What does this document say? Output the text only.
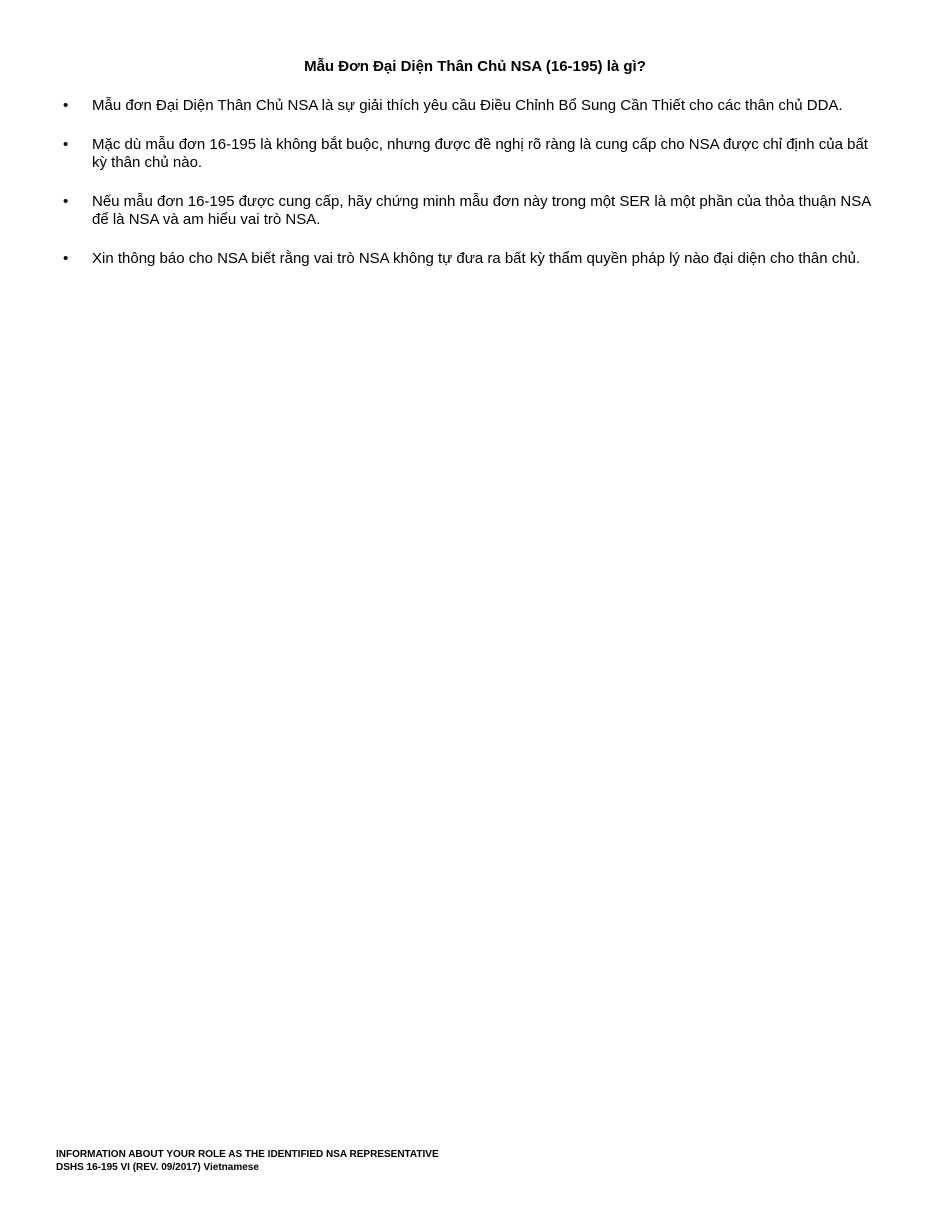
Mẫu Đơn Đại Diện Thân Chủ NSA (16-195) là gì?
• Mẫu đơn Đại Diện Thân Chủ NSA là sự giải thích yêu cầu Điều Chỉnh Bổ Sung Cần Thiết cho các thân chủ DDA.
• Mặc dù mẫu đơn 16-195 là không bắt buộc, nhưng được đề nghị rõ ràng là cung cấp cho NSA được chỉ định của bất kỳ thân chủ nào.
• Nếu mẫu đơn 16-195 được cung cấp, hãy chứng minh mẫu đơn này trong một SER là một phần của thỏa thuận NSA để là NSA và am hiểu vai trò NSA.
• Xin thông báo cho NSA biết rằng vai trò NSA không tự đưa ra bất kỳ thẩm quyền pháp lý nào đại diện cho thân chủ.
INFORMATION ABOUT YOUR ROLE AS THE IDENTIFIED NSA REPRESENTATIVE
DSHS 16-195 VI (REV. 09/2017) Vietnamese
